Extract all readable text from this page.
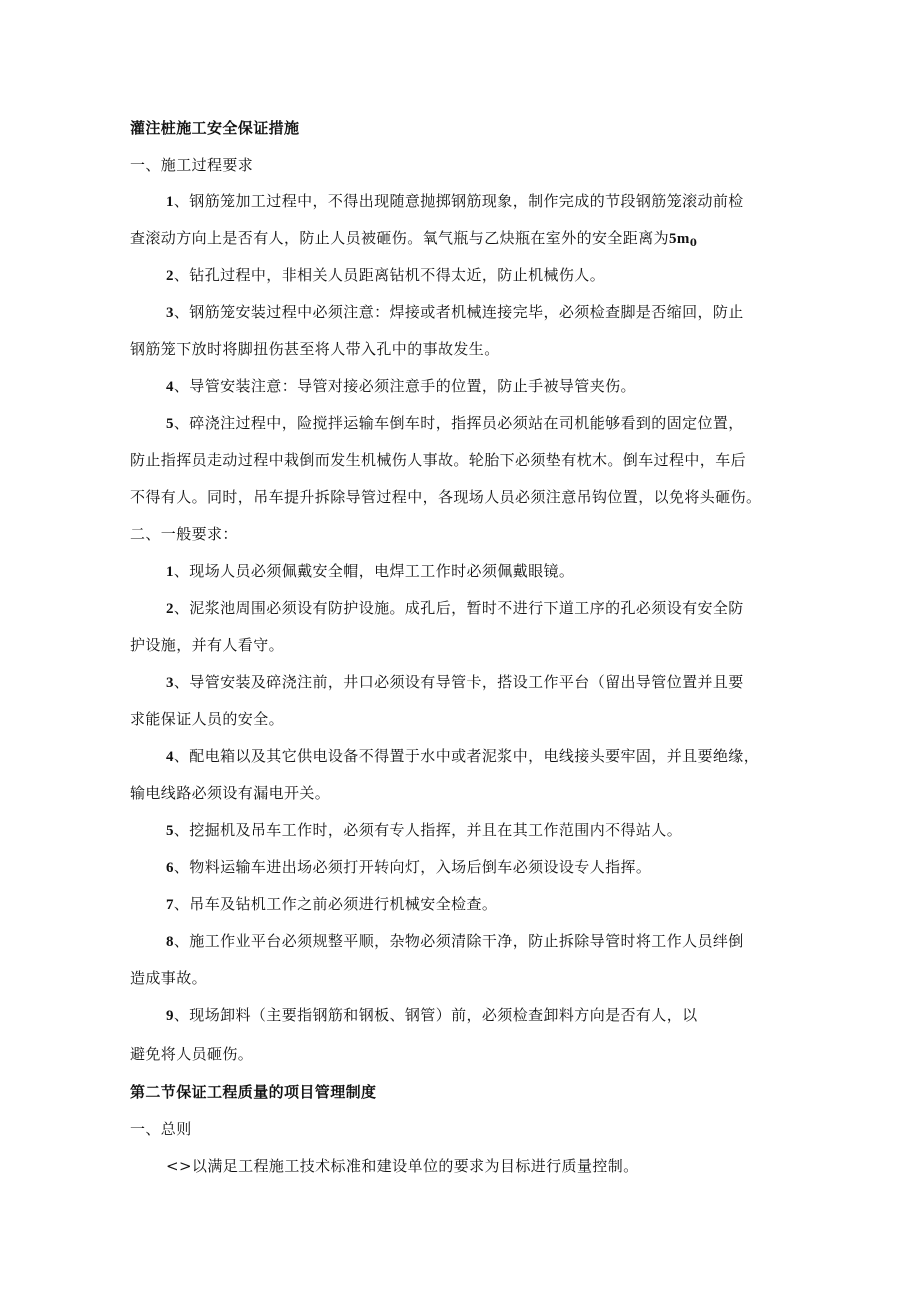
灌注桩施工安全保证措施
一、施工过程要求
1、钢筋笼加工过程中，不得出现随意抛掷钢筋现象，制作完成的节段钢筋笼滚动前检
查滚动方向上是否有人，防止人员被砸伤。氧气瓶与乙炔瓶在室外的安全距离为$5m_0$
2、钻孔过程中，非相关人员距离钻机不得太近，防止机械伤人。
3、钢筋笼安装过程中必须注意：焊接或者机械连接完毕，必须检查脚是否缩回，防止
钢筋笼下放时将脚扭伤甚至将人带入孔中的事故发生。
4、导管安装注意：导管对接必须注意手的位置，防止手被导管夹伤。
5、碎浇注过程中，险搅拌运输车倒车时，指挥员必须站在司机能够看到的固定位置，
防止指挥员走动过程中栽倒而发生机械伤人事故。轮胎下必须垫有枕木。倒车过程中，车后
不得有人。同时，吊车提升拆除导管过程中，各现场人员必须注意吊钩位置，以免将头砸伤。
二、一般要求：
1、现场人员必须佩戴安全帽，电焊工工作时必须佩戴眼镜。
2、泥浆池周围必须设有防护设施。成孔后，暂时不进行下道工序的孔必须设有安全防
护设施，并有人看守。
3、导管安装及碎浇注前，井口必须设有导管卡，搭设工作平台（留出导管位置并且要
求能保证人员的安全。
4、配电箱以及其它供电设备不得置于水中或者泥浆中，电线接头要牢固，并且要绝缘，
输电线路必须设有漏电开关。
5、挖掘机及吊车工作时，必须有专人指挥，并且在其工作范围内不得站人。
6、物料运输车进出场必须打开转向灯，入场后倒车必须设设专人指挥。
7、吊车及钻机工作之前必须进行机械安全检查。
8、施工作业平台必须规整平顺，杂物必须清除干净，防止拆除导管时将工作人员绊倒
造成事故。
9、现场卸料（主要指钢筋和钢板、钢管）前，必须检查卸料方向是否有人，以
避免将人员砸伤。
第二节保证工程质量的项目管理制度
一、总则
<>以满足工程施工技术标准和建设单位的要求为目标进行质量控制。
